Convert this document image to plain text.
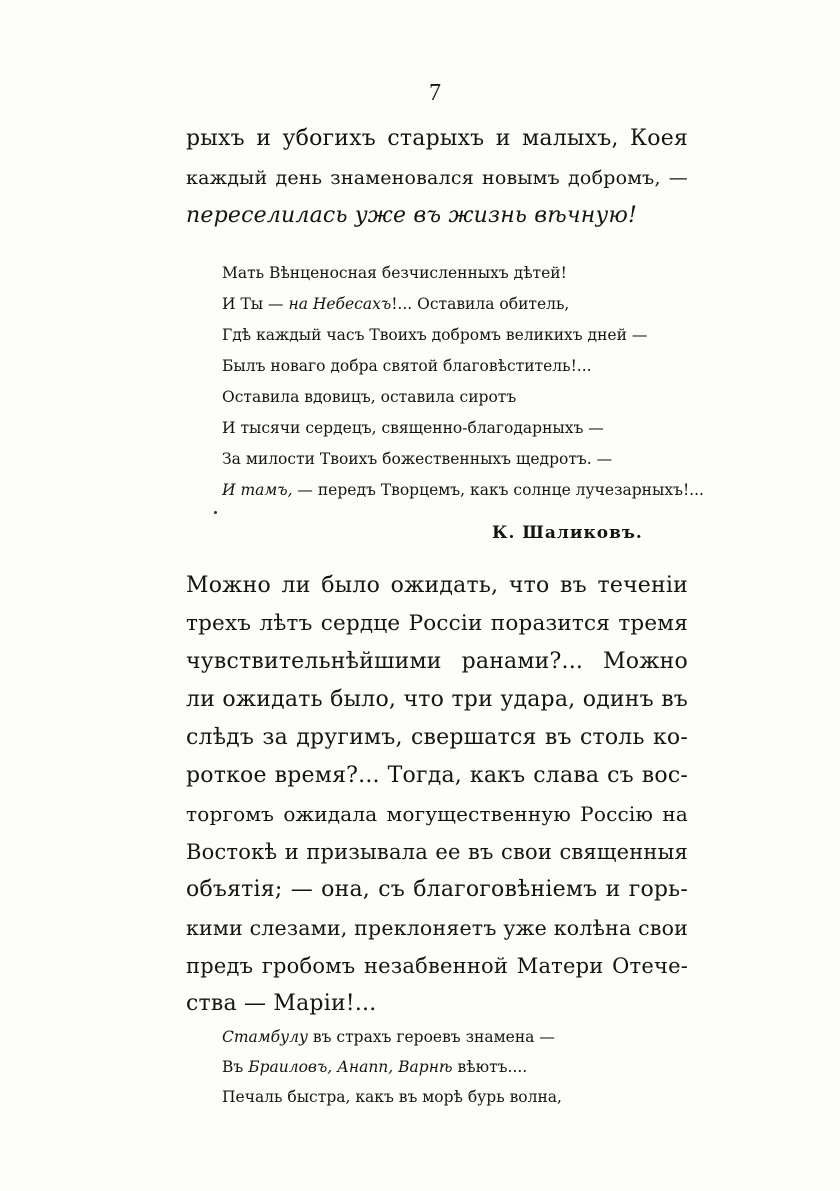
7
рыхъ и убогихъ старыхъ и малыхъ, Коея
каждый день знаменовался новымъ добромъ, —
переселилась уже въ жизнь вѣчную!
Мать Вѣнценосная безчисленныхъ дѣтей!
И Ты — на Небесахъ!... Оставила обитель,
Гдѣ каждый часъ Твоихъ добромъ великихъ дней —
Былъ новаго добра святой благовѣститель!...
Оставила вдовицъ, оставила сиротъ
И тысячи сердецъ, священно-благодарныхъ —
За милости Твоихъ божественныхъ щедротъ. —
И тамъ, — передъ Творцемъ, какъ солнце лучезарныхъ!...
К. Шаликовъ.
Можно ли было ожидать, что въ теченіи
трехъ лѣтъ сердце Россіи поразится тремя
чувствительнѣйшими ранами?... Можно
ли ожидать было, что три удара, одинъ въ
слѣдъ за другимъ, свершатся въ столь ко-
роткое время?... Тогда, какъ слава съ вос-
торгомъ ожидала могущественную Россію на
Востокѣ и призывала ее въ свои священныя
объятія; — она, съ благоговѣніемъ и горь-
кими слезами, преклоняетъ уже колѣна свои
предъ гробомъ незабвенной Матери Отече-
ства — Маріи!...
Стамбулу въ страхъ героевъ знамена —
Въ Браиловъ, Анапп, Варнѣ вѣютъ....
Печаль быстра, какъ въ морѣ бурь волна,
